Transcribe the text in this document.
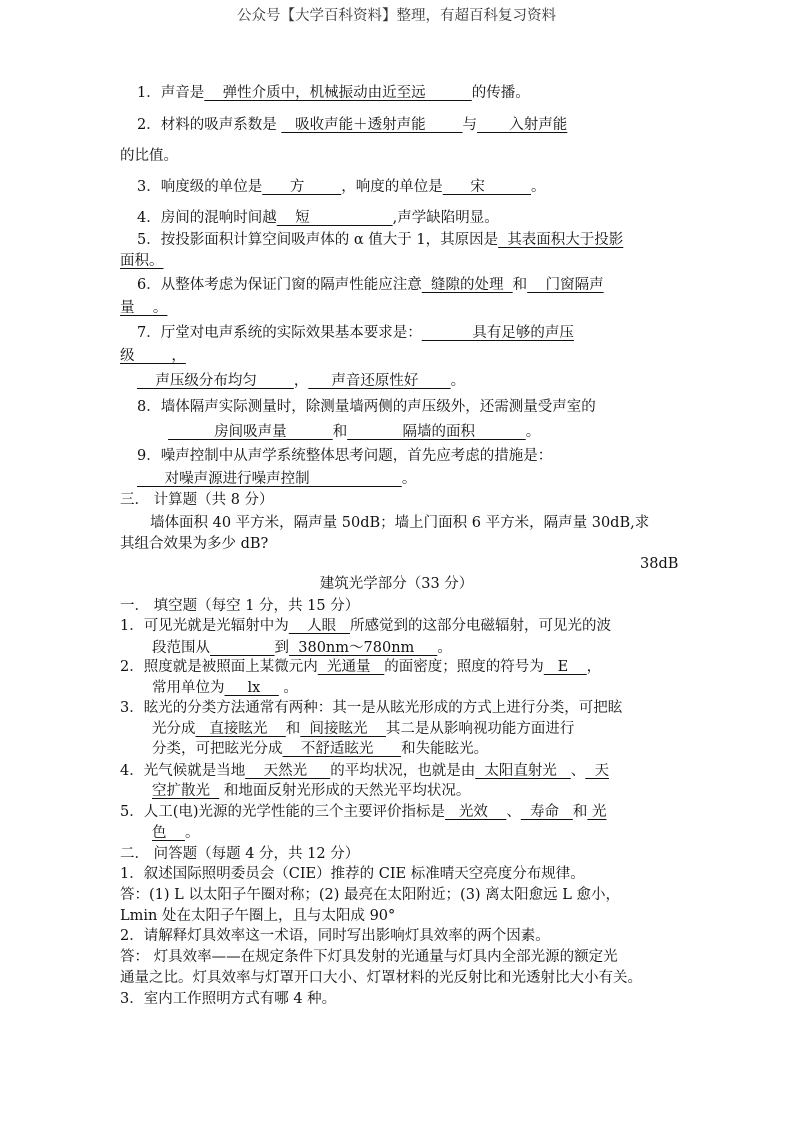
公众号【大学百科资料】整理，有超百科复习资料
1．声音是    弹性介质中，机械振动由近至远          的传播。
2．材料的吸声系数是    吸收声能＋透射声能        与       入射声能
的比值。
3．响度级的单位是      方        ，响度的单位是      宋          。
4．房间的混响时间越    短                  ,声学缺陷明显。
5．按投影面积计算空间吸声体的 α 值大于 1，其原因是  其表面积大于投影
面积。
6．从整体考虑为保证门窗的隔声性能应注意  缝隙的处理  和    门窗隔声
量    。
7．厅堂对电声系统的实际效果基本要求是：           具有足够的声压
级        ，
声压级分布均匀        ，     声音还原性好       。
8．墙体隔声实际测量时，除测量墙两侧的声压级外，还需测量受声室的
房间吸声量          和            隔墙的面积           。
9．噪声控制中从声学系统整体思考问题，首先应考虑的措施是：
对噪声源进行噪声控制                    。
三． 计算题（共 8 分）
墙体面积 40 平方米，隔声量 50dB；墙上门面积 6 平方米，隔声量 30dB,求
其组合效果为多少 dB?
38dB
建筑光学部分（33 分）
一． 填空题（每空 1 分，共 15 分）
1．可见光就是光辐射中为    人眼   所感觉到的这部分电磁辐射，可见光的波
段范围从	到  380nm～780nm     。
2．照度就是被照面上某微元内  光通量   的面密度；照度的符号为   E    ，
常用单位为     lx     。
3．眩光的分类方法通常有两种：其一是从眩光形成的方式上进行分类，可把眩
光分成   直接眩光    和  间接眩光    其二是从影响视功能方面进行
分类，可把眩光分成    不舒适眩光      和失能眩光。
4．光气候就是当地    天然光     的平均状况，也就是由  太阳直射光   、  天
空扩散光   和地面反射光形成的天然光平均状况。
5．人工(电)光源的光学性能的三个主要评价指标是   光效    、  寿命   和 光
色    。
二． 问答题（每题 4 分，共 12 分）
1．叙述国际照明委员会（CIE）推荐的 CIE 标准晴天空亮度分布规律。
答：(1) L 以太阳子午圈对称；(2) 最亮在太阳附近；(3) 离太阳愈远 L 愈小，
Lmin 处在太阳子午圈上，且与太阳成 90°
2．请解释灯具效率这一术语，同时写出影响灯具效率的两个因素。
答： 灯具效率——在规定条件下灯具发射的光通量与灯具内全部光源的额定光
通量之比。灯具效率与灯罩开口大小、灯罩材料的光反射比和光透射比大小有关。
3．室内工作照明方式有哪 4 种。
